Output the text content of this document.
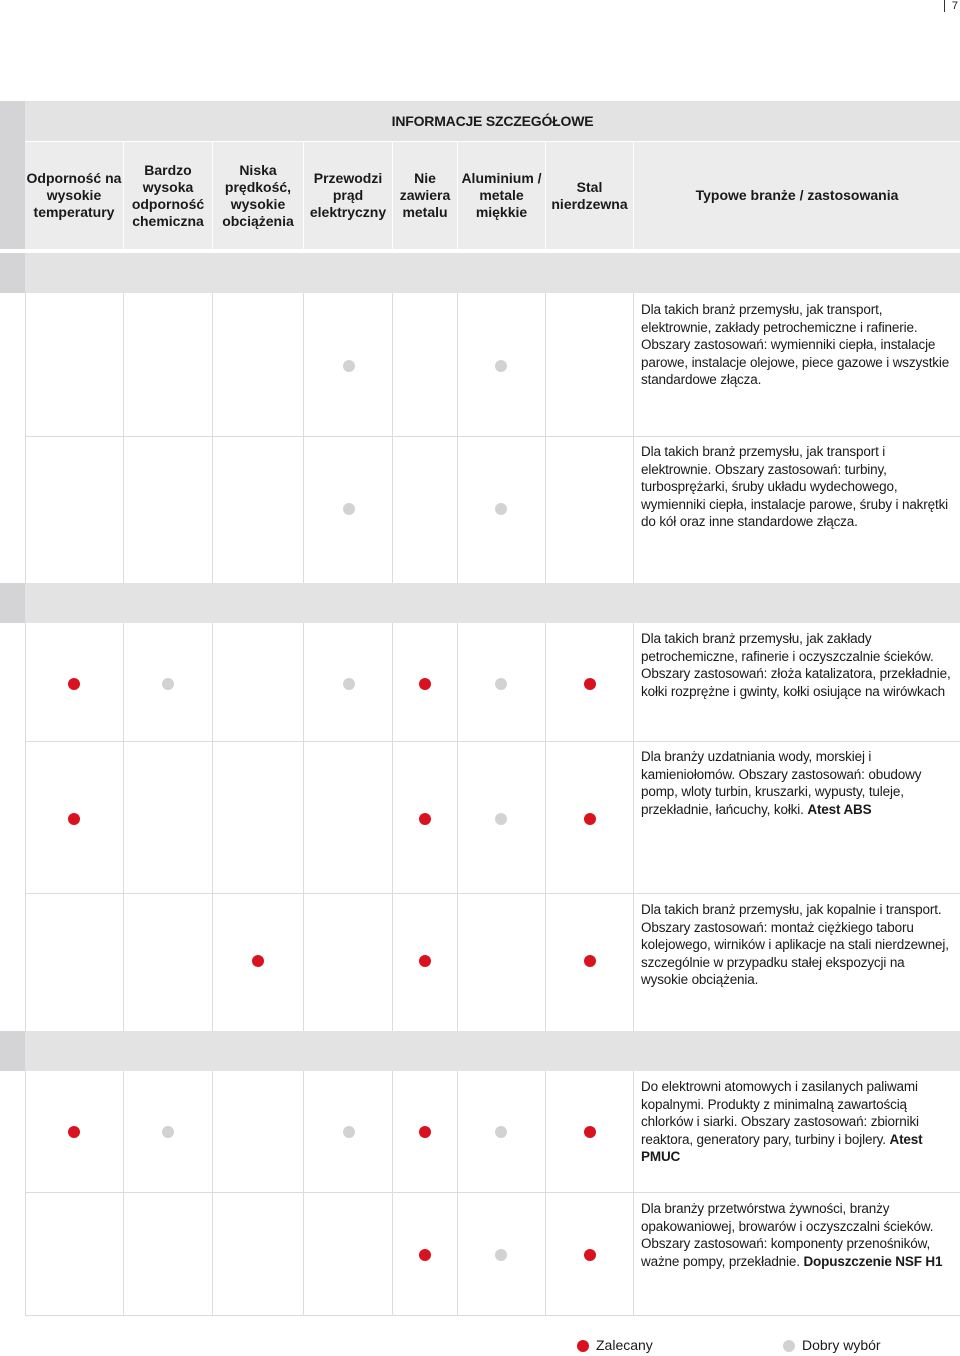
7
INFORMACJE SZCZEGÓŁOWE
Odporność na wysokie temperatury
Bardzo wysoka odporność chemiczna
Niska prędkość, wysokie obciążenia
Przewodzi prąd elektryczny
Nie zawiera metalu
Aluminium / metale miękkie
Stal nierdzewna
Typowe branże / zastosowania
Dla takich branż przemysłu, jak transport, elektrownie, zakłady petrochemiczne i rafinerie. Obszary zastosowań: wymienniki ciepła, instalacje parowe, instalacje olejowe, piece gazowe i wszystkie standardowe złącza.
Dla takich branż przemysłu, jak transport i elektrownie. Obszary zastosowań: turbiny, turbosprężarki, śruby układu wydechowego, wymienniki ciepła, instalacje parowe, śruby i nakrętki do kół oraz inne standardowe złącza.
Dla takich branż przemysłu, jak zakłady petrochemiczne, rafinerie i oczyszczalnie ścieków. Obszary zastosowań: złoża katalizatora, przekładnie, kołki rozprężne i gwinty, kołki osiujące na wirówkach
Dla branży uzdatniania wody, morskiej i kamieniołomów. Obszary zastosowań: obudowy pomp, wloty turbin, kruszarki, wypusty, tuleje, przekładnie, łańcuchy, kołki. Atest ABS
Dla takich branż przemysłu, jak kopalnie i transport. Obszary zastosowań: montaż ciężkiego taboru kolejowego, wirników i aplikacje na stali nierdzewnej, szczególnie w przypadku stałej ekspozycji na wysokie obciążenia.
Do elektrowni atomowych i zasilanych paliwami kopalnymi. Produkty z minimalną zawartością chlorków i siarki. Obszary zastosowań: zbiorniki reaktora, generatory pary, turbiny i bojlery. Atest PMUC
Dla branży przetwórstwa żywności, branży opakowaniowej, browarów i oczyszczalni ścieków. Obszary zastosowań: komponenty przenośników, ważne pompy, przekładnie. Dopuszczenie NSF H1
Zalecany	Dobry wybór
